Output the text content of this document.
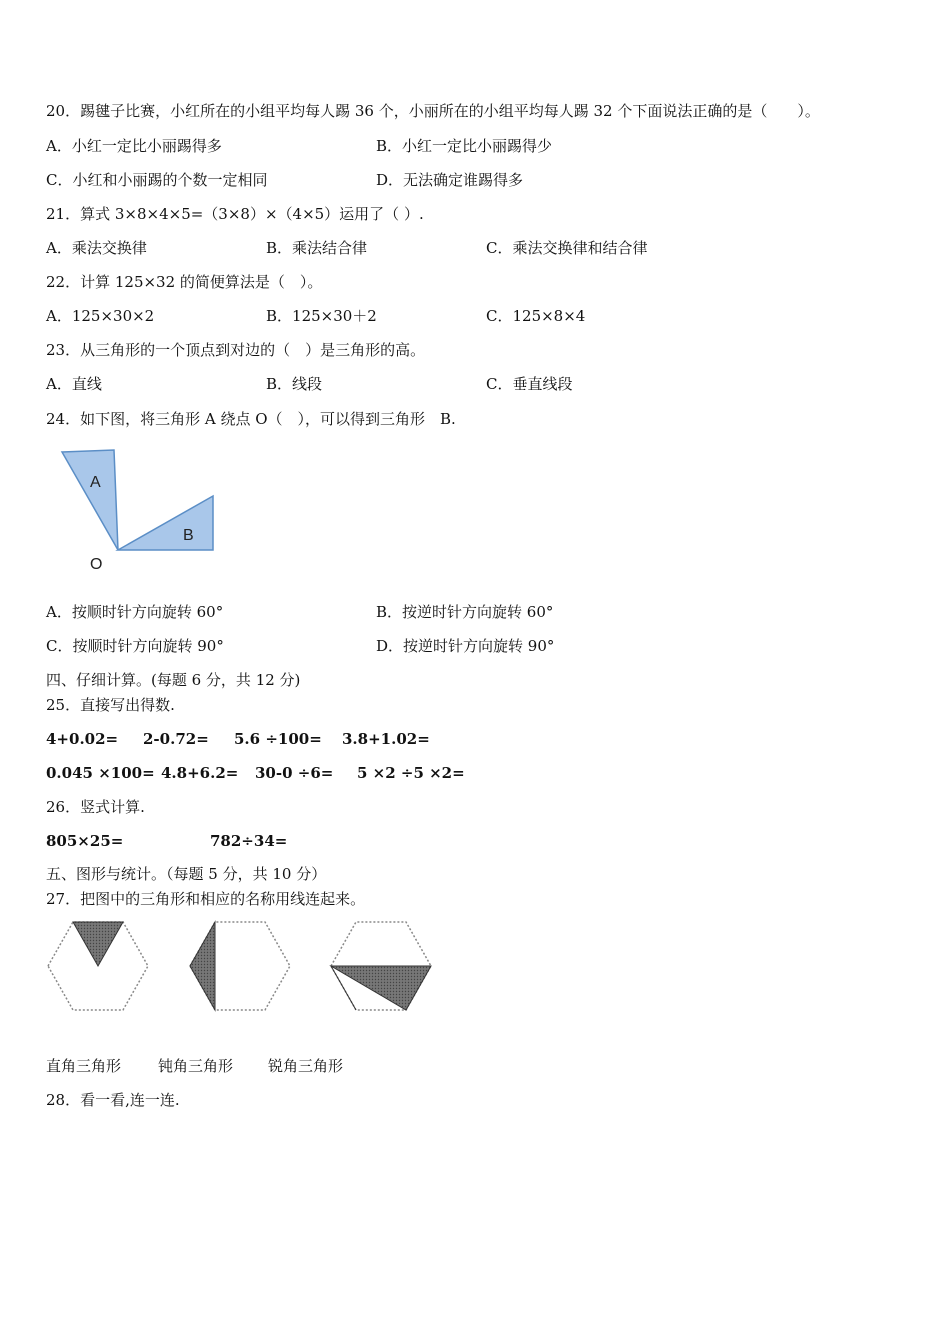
20．踢毽子比赛，小红所在的小组平均每人踢 36 个，小丽所在的小组平均每人踢 32 个下面说法正确的是（　　）。
A．小红一定比小丽踢得多	B．小红一定比小丽踢得少
C．小红和小丽踢的个数一定相同	D．无法确定谁踢得多
21．算式 3×8×4×5=（3×8）×（4×5）运用了（ ）.
A．乘法交换律	B．乘法结合律	C．乘法交换律和结合律
22．计算 125×32 的简便算法是（　）。
A．125×30×2	B．125×30＋2	C．125×8×4
23．从三角形的一个顶点到对边的（　）是三角形的高。
A．直线	B．线段	C．垂直线段
24．如下图，将三角形 A 绕点 O（　），可以得到三角形　B.
A
B
O
A．按顺时针方向旋转 60°	B．按逆时针方向旋转 60°
C．按顺时针方向旋转 90°	D．按逆时针方向旋转 90°
四、仔细计算。(每题 6 分，共 12 分)
25．直接写出得数.
4+0.02= 2-0.72= 5.6 ÷100= 3.8+1.02=
0.045 ×100= 4.8+6.2= 30-0 ÷6= 5 ×2 ÷5 ×2=
26．竖式计算.
805×25=	782÷34=
五、图形与统计。（每题 5 分，共 10 分）
27．把图中的三角形和相应的名称用线连起来。
直角三角形 钝角三角形 锐角三角形
28．看一看,连一连.
